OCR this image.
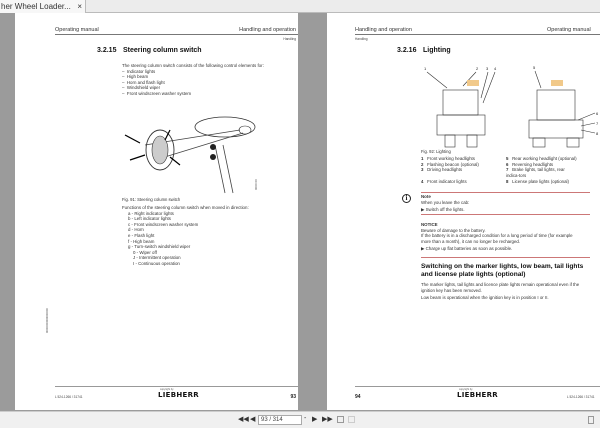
her Wheel Loader... ×
Operating manual	Handling and operation
Handling
3.2.15 Steering column switch
The steering column switch consists of the following control elements for:
–  Indicator lights
–  High beam
–  Horn and flash light
–  Windshield wiper
–  Front windscreen washer system
0000 00
Fig. 91: Steering column switch
Functions of the steering column switch when moved in direction:
a - Right indicator lights
b - Left indicator lights
c - Front windscreen washer system
d - Horn
e - Flash light
f - High beam
g - Turn-switch windshield wiper
0 - Wiper off
J - Intermittent operation
I - Continuous operation
0000000000000000
L 524-1266 / 31741
copyright by
LIEBHERR	93
Handling and operation	Operating manual
Handling
3.2.16 Lighting
1	2 3 4	5
6
7
8
Fig. 92: Lighting
1 Front working headlights
2 Flashing beacon (optional)
3 Driving headlights
4 Front indicator lights
5 Rear working headlight (optional)
6 Reversing headlights
7 Brake lights, tail lights, rear indica-tors
8 License plate lights (optional)
i	Note
When you leave the cab:
▶ Switch off the lights.
NOTICE
Beware of damage to the battery.
If the battery is in a discharged condition for a long period of time (for example
more than a month), it can no longer be recharged.
▶ Charge up flat batteries as soon as possible.
Switching on the marker lights, low beam, tail lights
and license plate lights (optional)
The marker lights, tail lights and licence plate lights remain operational even if the
ignition key has been removed.
Low beam is operational when the ignition key is in position I or II.
94
copyright by
LIEBHERR	L 524-1266 / 31741
◀◀ ◀ 93 / 314	- ▶ ▶▶
